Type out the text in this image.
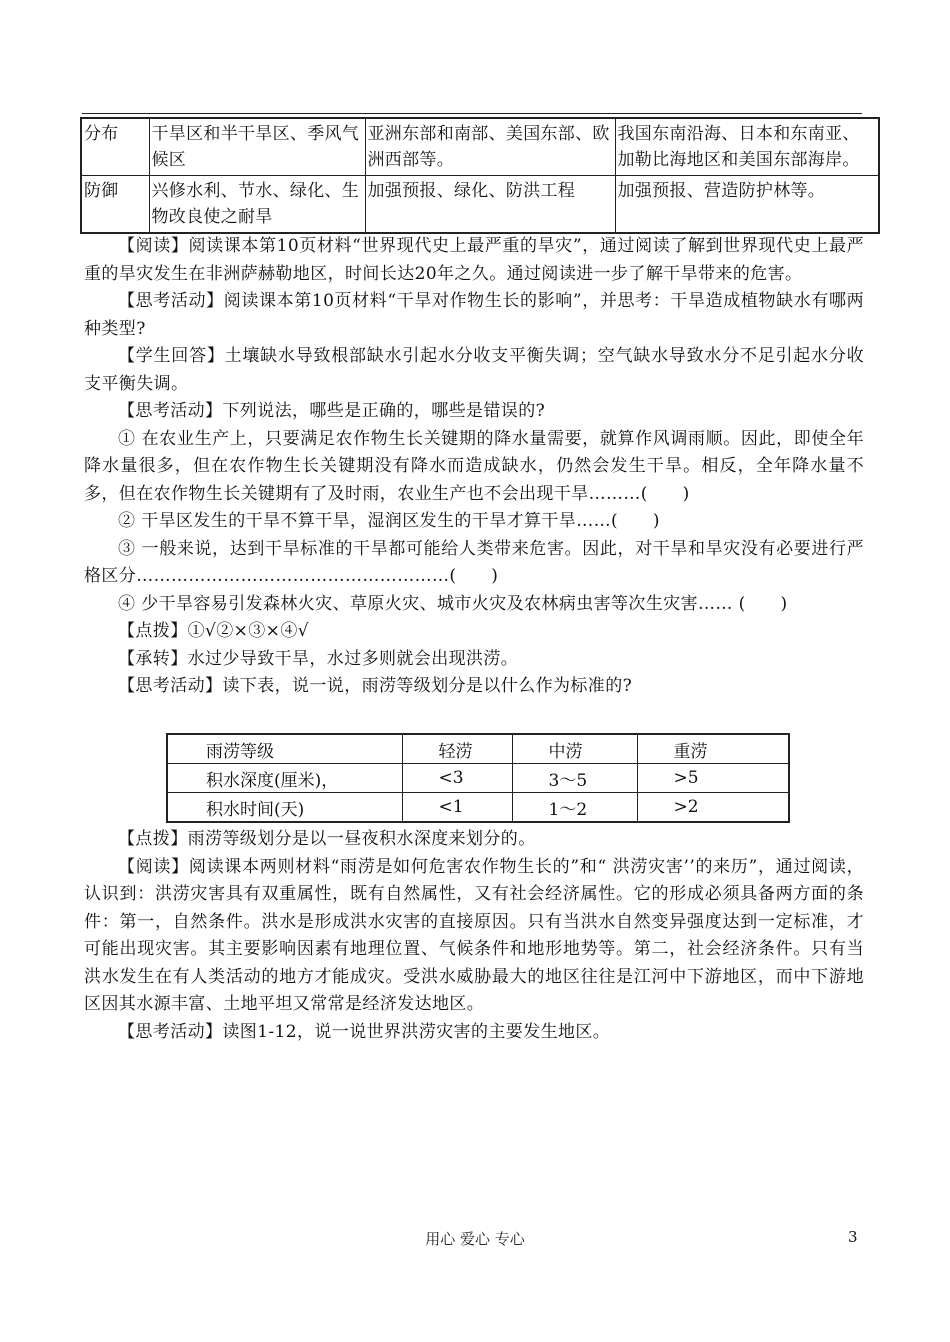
分布	干旱区和半干旱区、季风气候区	亚洲东部和南部、美国东部、欧洲西部等。	我国东南沿海、日本和东南亚、加勒比海地区和美国东部海岸。
防御	兴修水利、节水、绿化、生物改良使之耐旱	加强预报、绿化、防洪工程	加强预报、营造防护林等。

【阅读】阅读课本第10页材料“世界现代史上最严重的旱灾”，通过阅读了解到世界现代史上最严重的旱灾发生在非洲萨赫勒地区，时间长达20年之久。通过阅读进一步了解干旱带来的危害。

【思考活动】阅读课本第10页材料“干旱对作物生长的影响”，并思考：干旱造成植物缺水有哪两种类型?

【学生回答】土壤缺水导致根部缺水引起水分收支平衡失调；空气缺水导致水分不足引起水分收支平衡失调。

【思考活动】下列说法，哪些是正确的，哪些是错误的?

① 在农业生产上，只要满足农作物生长关键期的降水量需要，就算作风调雨顺。因此，即使全年降水量很多，但在农作物生长关键期没有降水而造成缺水，仍然会发生干旱。相反，全年降水量不多，但在农作物生长关键期有了及时雨，农业生产也不会出现干旱………(　　)

② 干旱区发生的干旱不算干旱，湿润区发生的干旱才算干旱……(　　)

③ 一般来说，达到干旱标准的干旱都可能给人类带来危害。因此，对干旱和旱灾没有必要进行严格区分………………………………………………(　　)

④ 少干旱容易引发森林火灾、草原火灾、城市火灾及农林病虫害等次生灾害…… (　　)

【点拨】①√②×③×④√

【承转】水过少导致干旱，水过多则就会出现洪涝。

【思考活动】读下表，说一说，雨涝等级划分是以什么作为标准的?

雨涝等级	轻涝	中涝	重涝
积水深度(厘米)，	<3	3～5	>5
积水时间(天)	<1	1～2	>2

【点拨】雨涝等级划分是以一昼夜积水深度来划分的。

【阅读】阅读课本两则材料“雨涝是如何危害农作物生长的”和“ 洪涝灾害’’的来历”，通过阅读，认识到：洪涝灾害具有双重属性，既有自然属性，又有社会经济属性。它的形成必须具备两方面的条件：第一，自然条件。洪水是形成洪水灾害的直接原因。只有当洪水自然变异强度达到一定标准，才可能出现灾害。其主要影响因素有地理位置、气候条件和地形地势等。第二，社会经济条件。只有当洪水发生在有人类活动的地方才能成灾。受洪水威胁最大的地区往往是江河中下游地区，而中下游地区因其水源丰富、土地平坦又常常是经济发达地区。

【思考活动】读图1-12，说一说世界洪涝灾害的主要发生地区。

用心 爱心 专心	3
